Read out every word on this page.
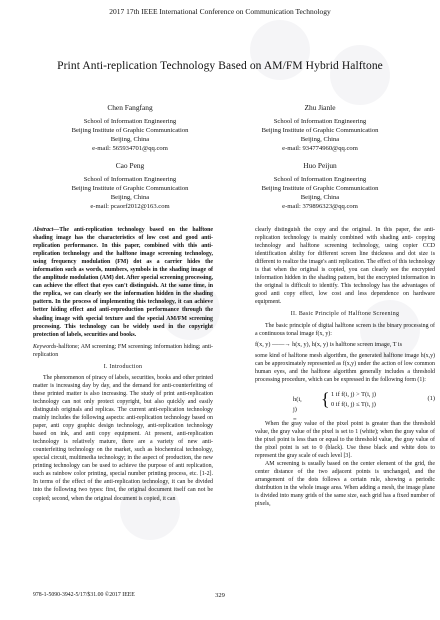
2017 17th IEEE International Conference on Communication Technology
Print Anti-replication Technology Based on AM/FM Hybrid Halftone
Chen Fangfang
School of Information Engineering
Beijing Institute of Graphic Communication
Beijing, China
e-mail: 565934701@qq.com
Zhu Jianle
School of Information Engineering
Beijing Institute of Graphic Communication
Beijing, China
e-mail: 934774960@qq.com
Cao Peng
School of Information Engineering
Beijing Institute of Graphic Communication
Beijing, China
e-mail: pcaorf2012@163.com
Huo Peijun
School of Information Engineering
Beijing Institute of Graphic Communication
Beijing, China
e-mail: 379896323@qq.com

Abstract—The anti-replication technology based on the halftone shading image has the characteristics of low cost and good anti-replication performance. In this paper, combined with this anti-replication technology and the halftone image screening technology, using frequency modulation (FM) dot as a carrier hides the information such as words, numbers, symbols in the shading image of the amplitude modulation (AM) dot. After special screening processing, can achieve the effect that eyes can't distinguish. At the same time, in the replica, we can clearly see the information hidden in the shading pattern. In the process of implementing this technology, it can achieve better hiding effect and anti-reproduction performance through the shading image with special texture and the special AM/FM screening processing. This technology can be widely used in the copyright protection of labels, securities and books.

Keywords-halftone; AM screening; FM screening; information hiding; anti-replication

I. Introduction

The phenomenon of piracy of labels, securities, books and other printed matter is increasing day by day, and the demand for anti-counterfeiting of these printed matter is also increasing. The study of print anti-replication technology can not only protect copyright, but also quickly and easily distinguish originals and replicas. The current anti-replication technology mainly includes the following aspects: anti-replication technology based on paper, anti copy graphic design technology, anti-replication technology based on ink, and anti copy equipment. At present, anti-replication technology is relatively mature, there are a variety of new anti-counterfeiting technology on the market, such as biochemical technology, special circuit, multimedia technology; in the aspect of production, the new printing technology can be used to achieve the purpose of anti replication, such as rainbow color printing, special number printing process, etc. [1-2]. In terms of the effect of the anti-replication technology, it can be divided into the following two types: first, the original document itself can not be copied; second, when the original document is copied, it can

clearly distinguish the copy and the original. In this paper, the anti-replication technology is mainly combined with shading anti- copying technology and halftone screening technology, using copier CCD identification ability for different screen line thickness and dot size is different to realize the image's anti replication. The effect of this technology is that when the original is copied, you can clearly see the encrypted information hidden in the shading pattern, but the encrypted information in the original is difficult to identify. This technology has the advantages of good anti copy effect, low cost and less dependence on hardware equipment.

II. Basic Principle of Halftone Screening

The basic principle of digital halftone screen is the binary processing of a continuous tonal image f(x, y):

f(x, y) ——→ h(x, y), h(x, y) is halftone screen image, T is

some kind of halftone mesh algorithm, the generated halftone image h(x,y) can be approximately represented as f(x,y) under the action of low common human eyes, and the halftone algorithm generally includes a threshold processing procedure, which can be expressed in the following form (1):

h(i, j) =
{ 1 if f(i, j) > T(i, j)
0 if f(i, j) ≤ T(i, j)
(1)

When the gray value of the pixel point is greater than the threshold value, the gray value of the pixel is set to 1 (white); when the gray value of the pixel point is less than or equal to the threshold value, the gray value of the pixel point is set to 0 (black). Use these black and white dots to represent the gray scale of each level [3].

AM screening is usually based on the center element of the grid, the center distance of the two adjacent points is unchanged, and the arrangement of the dots follows a certain rule, showing a periodic distribution in the whole image area. When adding a mesh, the image plane is divided into many grids of the same size, each grid has a fixed number of pixels,

978-1-5090-3942-5/17/$31.00 ©2017 IEEE	329
